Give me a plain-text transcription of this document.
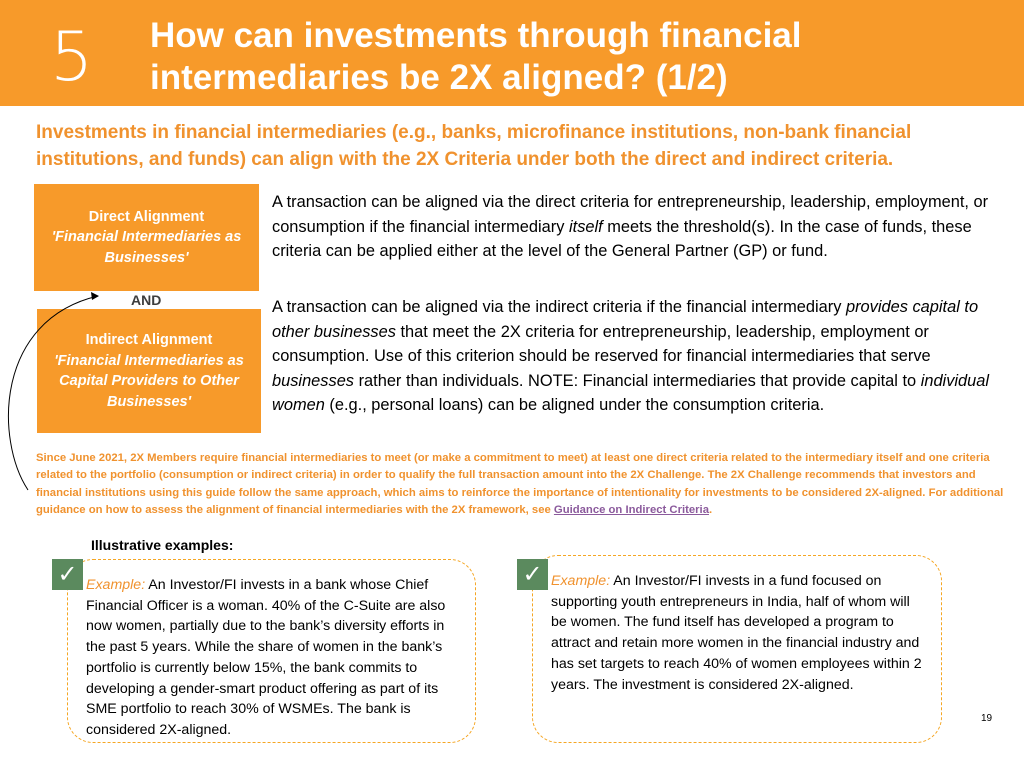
5 How can investments through financial intermediaries be 2X aligned? (1/2)
Investments in financial intermediaries (e.g., banks, microfinance institutions, non-bank financial institutions, and funds) can align with the 2X Criteria under both the direct and indirect criteria.
Direct Alignment
'Financial Intermediaries as Businesses'
AND
Indirect Alignment
'Financial Intermediaries as Capital Providers to Other Businesses'
A transaction can be aligned via the direct criteria for entrepreneurship, leadership, employment, or consumption if the financial intermediary itself meets the threshold(s). In the case of funds, these criteria can be applied either at the level of the General Partner (GP) or fund.
A transaction can be aligned via the indirect criteria if the financial intermediary provides capital to other businesses that meet the 2X criteria for entrepreneurship, leadership, employment or consumption. Use of this criterion should be reserved for financial intermediaries that serve businesses rather than individuals. NOTE: Financial intermediaries that provide capital to individual women (e.g., personal loans) can be aligned under the consumption criteria.
Since June 2021, 2X Members require financial intermediaries to meet (or make a commitment to meet) at least one direct criteria related to the intermediary itself and one criteria related to the portfolio (consumption or indirect criteria) in order to qualify the full transaction amount into the 2X Challenge. The 2X Challenge recommends that investors and financial institutions using this guide follow the same approach, which aims to reinforce the importance of intentionality for investments to be considered 2X-aligned. For additional guidance on how to assess the alignment of financial intermediaries with the 2X framework, see Guidance on Indirect Criteria.
Illustrative examples:
Example: An Investor/FI invests in a bank whose Chief Financial Officer is a woman. 40% of the C-Suite are also now women, partially due to the bank’s diversity efforts in the past 5 years. While the share of women in the bank’s portfolio is currently below 15%, the bank commits to developing a gender-smart product offering as part of its SME portfolio to reach 30% of WSMEs. The bank is considered 2X-aligned.
Example: An Investor/FI invests in a fund focused on supporting youth entrepreneurs in India, half of whom will be women. The fund itself has developed a program to attract and retain more women in the financial industry and has set targets to reach 40% of women employees within 2 years. The investment is considered 2X-aligned.
✓	✓
19
